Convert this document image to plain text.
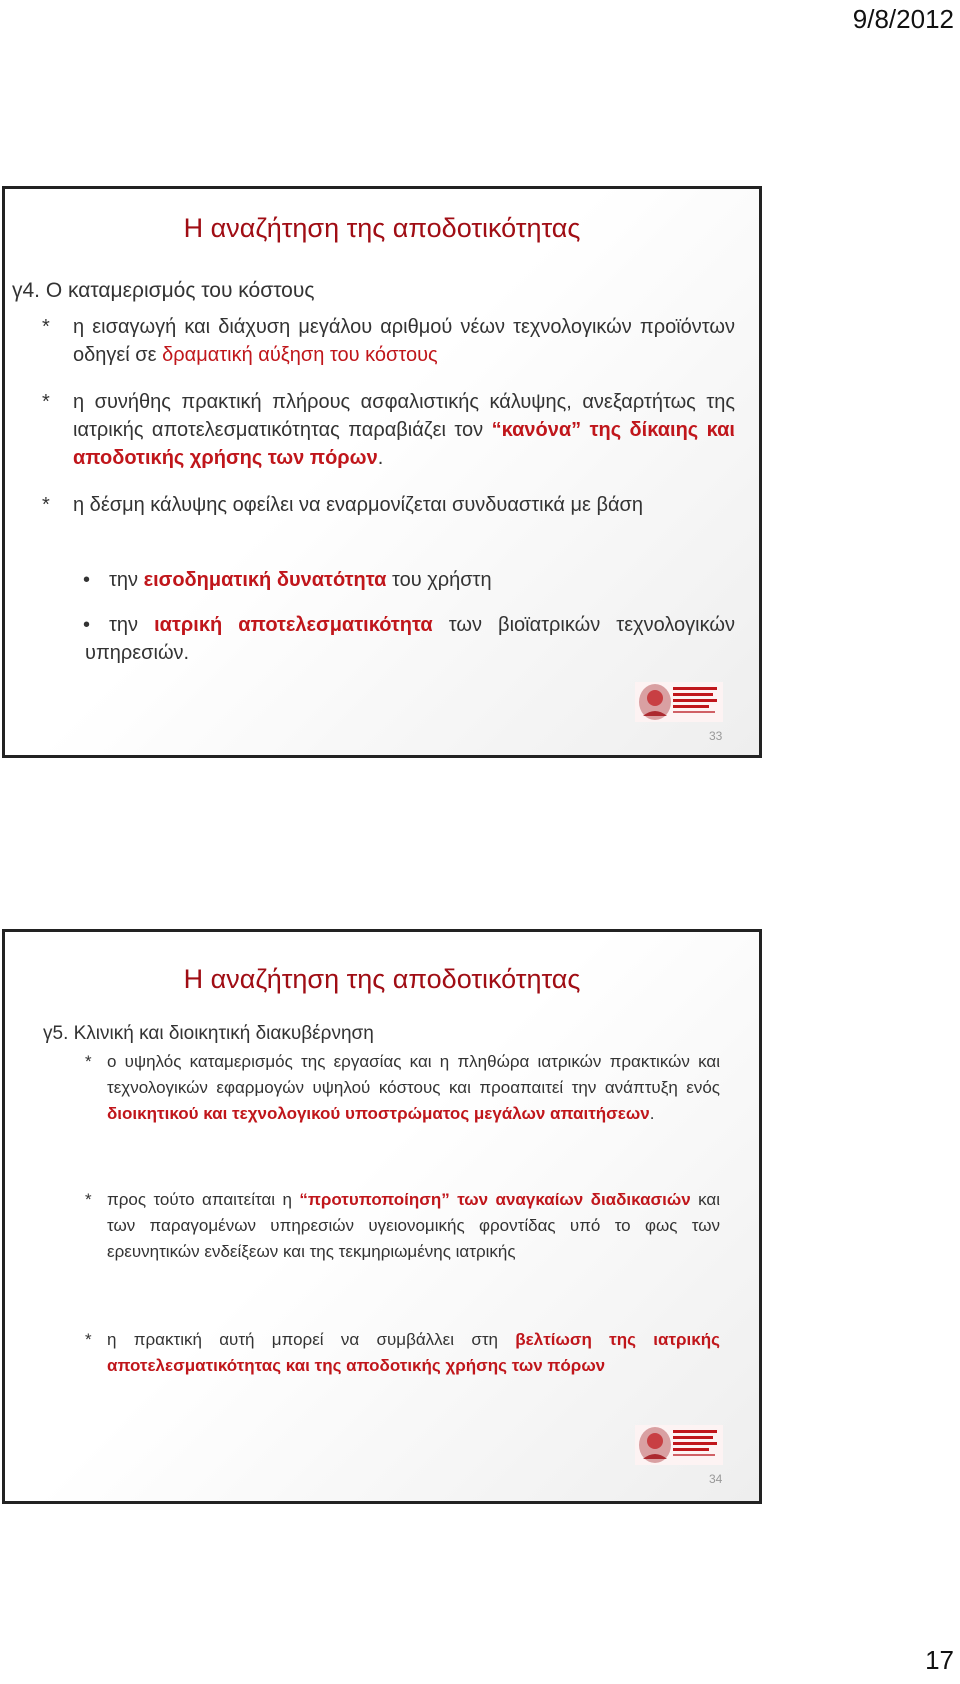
9/8/2012
Η αναζήτηση της αποδοτικότητας
γ4. Ο καταμερισμός του κόστους
*	η εισαγωγή και διάχυση μεγάλου αριθμού νέων τεχνολογικών προϊόντων οδηγεί σε δραματική αύξηση του κόστους
*	η συνήθης πρακτική πλήρους ασφαλιστικής κάλυψης, ανεξαρτήτως της ιατρικής αποτελεσματικότητας παραβιάζει τον “κανόνα” της δίκαιης και αποδοτικής χρήσης των πόρων.
*	η δέσμη κάλυψης οφείλει να εναρμονίζεται συνδυαστικά με βάση
• την εισοδηματική δυνατότητα του χρήστη
• την ιατρική αποτελεσματικότητα των βιοϊατρικών τεχνολογικών υπηρεσιών.
33
Η αναζήτηση της αποδοτικότητας
γ5. Κλινική και διοικητική διακυβέρνηση
* ο υψηλός καταμερισμός της εργασίας και η πληθώρα ιατρικών πρακτικών και τεχνολογικών εφαρμογών υψηλού κόστους και προαπαιτεί την ανάπτυξη ενός διοικητικού και τεχνολογικού υποστρώματος μεγάλων απαιτήσεων.
* προς τούτο απαιτείται η “προτυποποίηση” των αναγκαίων διαδικασιών και των παραγομένων υπηρεσιών υγειονομικής φροντίδας υπό το φως των ερευνητικών ενδείξεων και της τεκμηριωμένης ιατρικής
* η πρακτική αυτή μπορεί να συμβάλλει στη βελτίωση της ιατρικής αποτελεσματικότητας και της αποδοτικής χρήσης των πόρων
34
17
